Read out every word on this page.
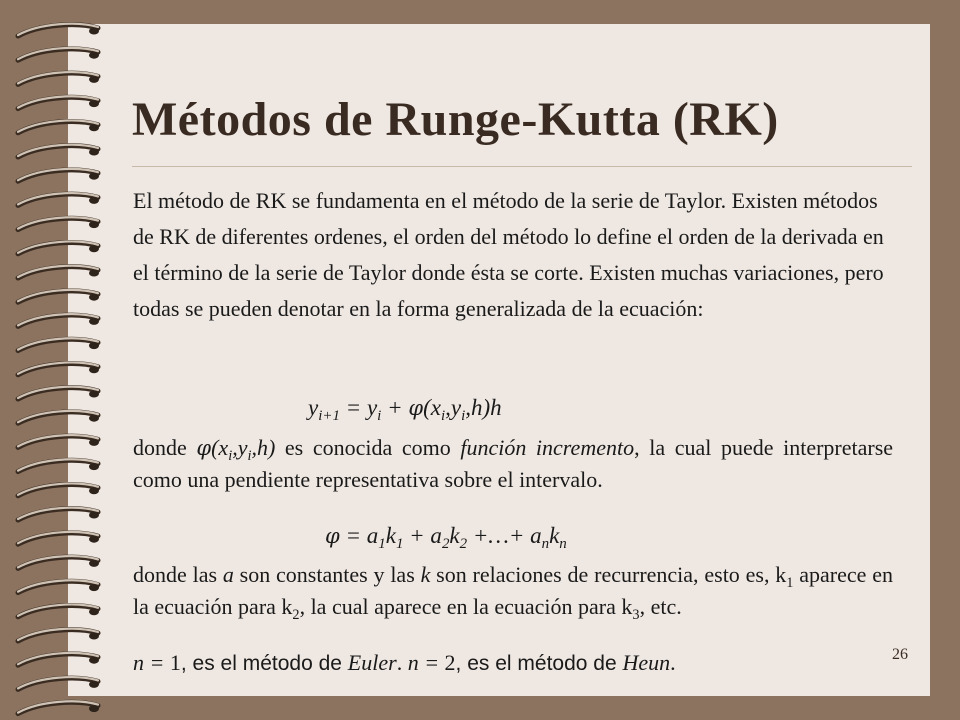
Métodos de Runge-Kutta (RK)

El método de RK se fundamenta en el método de la serie de Taylor. Existen métodos de RK de diferentes ordenes, el orden del método lo define el orden de la derivada en el término de la serie de Taylor donde ésta se corte. Existen muchas variaciones, pero todas se pueden denotar en la forma generalizada de la ecuación:

$y_{i+1} = y_i + \varphi(x_i,y_i,h)h$

donde $\varphi(x_i,y_i,h)$ es conocida como función incremento, la cual puede interpretarse como una pendiente representativa sobre el intervalo.

$\varphi = a_1k_1 + a_2k_2$ +…+ $a_nk_n$

donde las a son constantes y las k son relaciones de recurrencia, esto es, $k_1$ aparece en la ecuación para $k_2$, la cual aparece en la ecuación para $k_3$, etc.

n = 1, es el método de Euler. n = 2, es el método de Heun.	26
